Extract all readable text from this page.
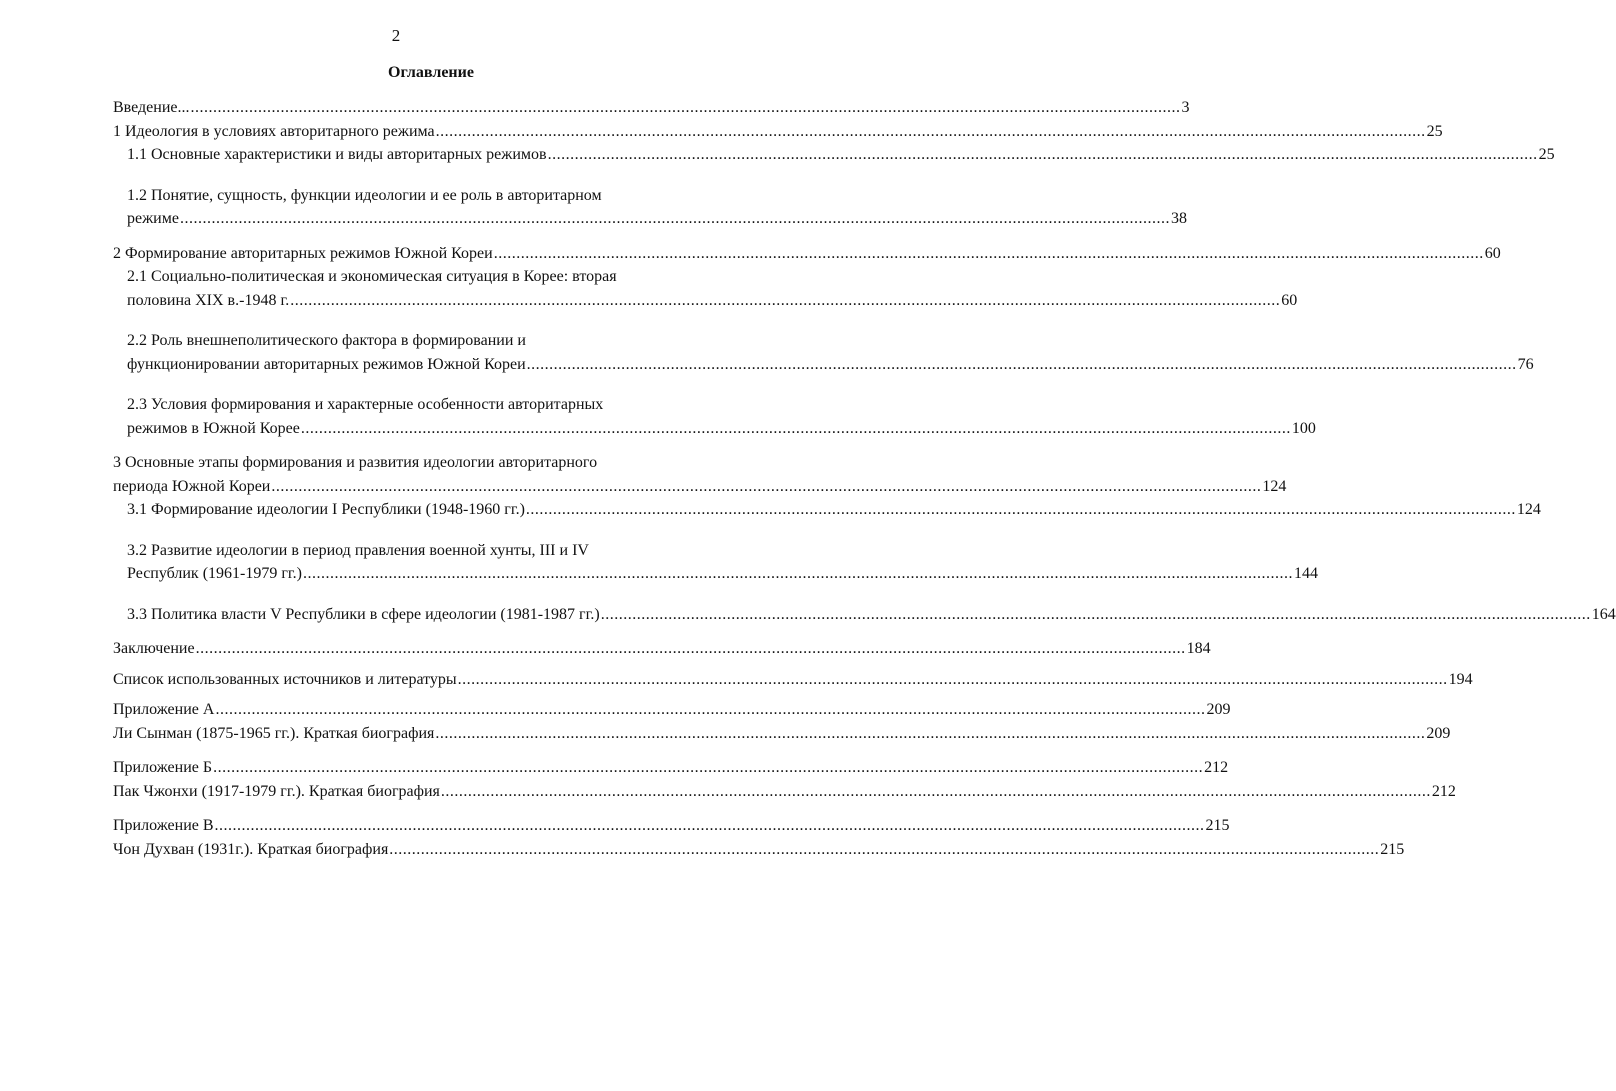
2
Оглавление

Введение... ............................................................................................................................................................................................................................ 3

1 Идеология в условиях авторитарного режима ............................................................................................................................................................................................................................ 25

1.1 Основные характеристики и виды авторитарных режимов ............................................................................................................................................................................................................................ 25

1.2 Понятие, сущность, функции идеологии и ее роль в авторитарном
режиме ............................................................................................................................................................................................................................ 38

2 Формирование авторитарных режимов Южной Кореи ............................................................................................................................................................................................................................ 60

2.1 Социально-политическая и экономическая ситуация в Корее: вторая
половина XIX в.-1948 г. ............................................................................................................................................................................................................................ 60

2.2 Роль внешнеполитического фактора в формировании и
функционировании авторитарных режимов Южной Кореи ............................................................................................................................................................................................................................ 76

2.3 Условия формирования и характерные особенности авторитарных
режимов в Южной Корее ............................................................................................................................................................................................................................ 100

3 Основные этапы формирования и развития идеологии авторитарного
периода Южной Кореи ............................................................................................................................................................................................................................ 124

3.1 Формирование идеологии I Республики (1948-1960 гг.) ............................................................................................................................................................................................................................ 124

3.2 Развитие идеологии в период правления военной хунты, III и IV
Республик (1961-1979 гг.) ............................................................................................................................................................................................................................ 144

3.3 Политика власти V Республики в сфере идеологии (1981-1987 гг.) ............................................................................................................................................................................................................................ 164

Заключение ............................................................................................................................................................................................................................ 184

Список использованных источников и литературы ............................................................................................................................................................................................................................ 194

Приложение А ............................................................................................................................................................................................................................ 209

Ли Сынман (1875-1965 гг.). Краткая биография ............................................................................................................................................................................................................................ 209

Приложение Б ............................................................................................................................................................................................................................ 212

Пак Чжонхи (1917-1979 гг.). Краткая биография ............................................................................................................................................................................................................................ 212

Приложение В ............................................................................................................................................................................................................................ 215

Чон Духван (1931г.). Краткая биография ............................................................................................................................................................................................................................ 215
